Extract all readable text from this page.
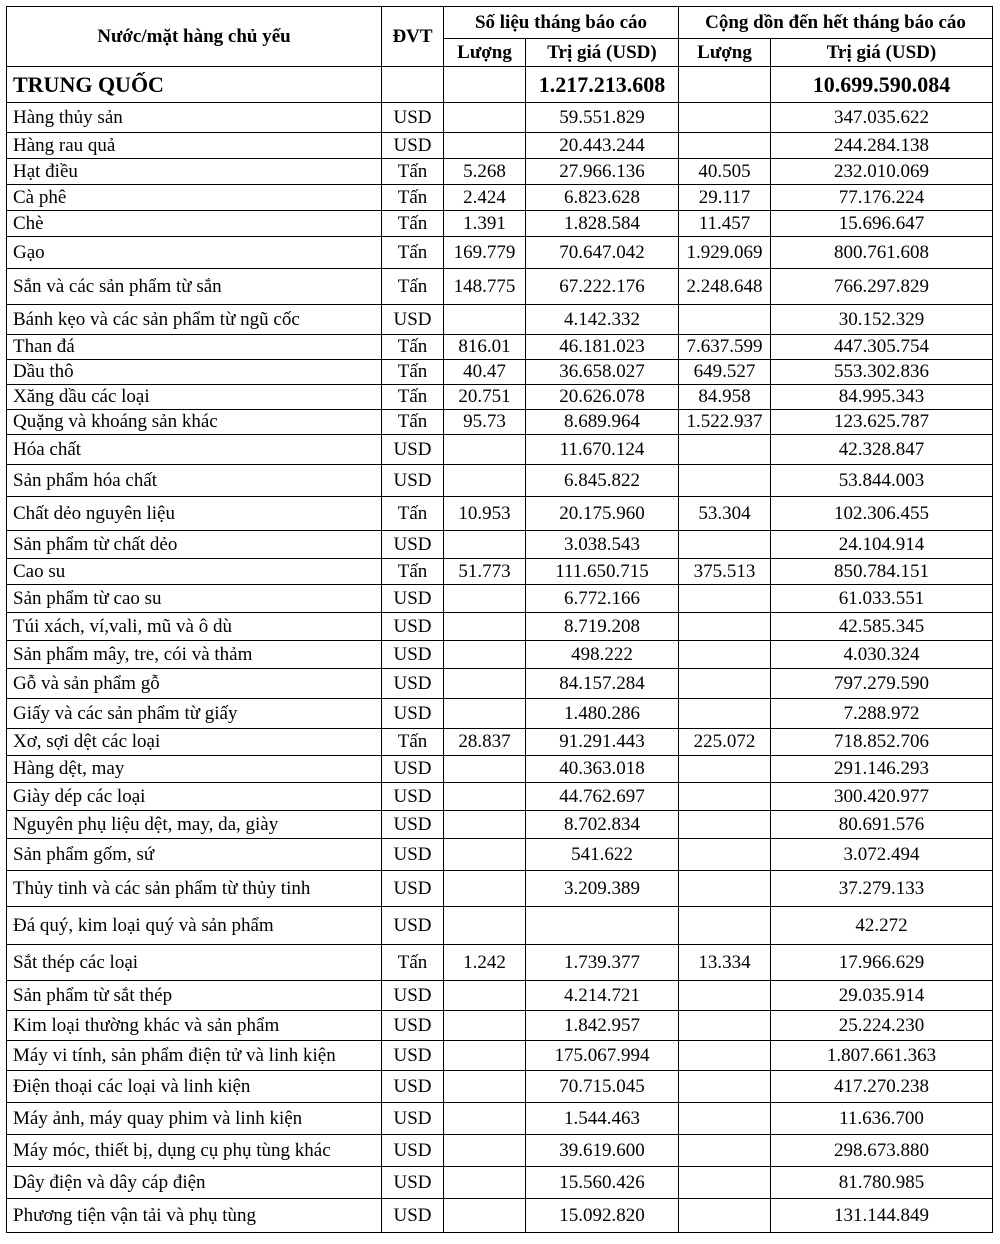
Nước/mặt hàng chủ yếu	ĐVT	Số liệu tháng báo cáo		Cộng dồn đến hết tháng báo cáo	
		Lượng	Trị giá (USD)	Lượng	Trị giá (USD)
TRUNG QUỐC			1.217.213.608		10.699.590.084
Hàng thủy sản	USD		59.551.829		347.035.622
Hàng rau quả	USD		20.443.244		244.284.138
Hạt điều	Tấn	5.268	27.966.136	40.505	232.010.069
Cà phê	Tấn	2.424	6.823.628	29.117	77.176.224
Chè	Tấn	1.391	1.828.584	11.457	15.696.647
Gạo	Tấn	169.779	70.647.042	1.929.069	800.761.608
Sắn và các sản phẩm từ sắn	Tấn	148.775	67.222.176	2.248.648	766.297.829
Bánh kẹo và các sản phẩm từ ngũ cốc	USD		4.142.332		30.152.329
Than đá	Tấn	816.01	46.181.023	7.637.599	447.305.754
Dầu thô	Tấn	40.47	36.658.027	649.527	553.302.836
Xăng dầu các loại	Tấn	20.751	20.626.078	84.958	84.995.343
Quặng và khoáng sản khác	Tấn	95.73	8.689.964	1.522.937	123.625.787
Hóa chất	USD		11.670.124		42.328.847
Sản phẩm hóa chất	USD		6.845.822		53.844.003
Chất dẻo nguyên liệu	Tấn	10.953	20.175.960	53.304	102.306.455
Sản phẩm từ chất dẻo	USD		3.038.543		24.104.914
Cao su	Tấn	51.773	111.650.715	375.513	850.784.151
Sản phẩm từ cao su	USD		6.772.166		61.033.551
Túi xách, ví,vali, mũ và ô dù	USD		8.719.208		42.585.345
Sản phẩm mây, tre, cói và thảm	USD		498.222		4.030.324
Gỗ và sản phẩm gỗ	USD		84.157.284		797.279.590
Giấy và các sản phẩm từ giấy	USD		1.480.286		7.288.972
Xơ, sợi dệt các loại	Tấn	28.837	91.291.443	225.072	718.852.706
Hàng dệt, may	USD		40.363.018		291.146.293
Giày dép các loại	USD		44.762.697		300.420.977
Nguyên phụ liệu dệt, may, da, giày	USD		8.702.834		80.691.576
Sản phẩm gốm, sứ	USD		541.622		3.072.494
Thủy tinh và các sản phẩm từ thủy tinh	USD		3.209.389		37.279.133
Đá quý, kim loại quý và sản phẩm	USD				42.272
Sắt thép các loại	Tấn	1.242	1.739.377	13.334	17.966.629
Sản phẩm từ sắt thép	USD		4.214.721		29.035.914
Kim loại thường khác và sản phẩm	USD		1.842.957		25.224.230
Máy vi tính, sản phẩm điện tử và linh kiện	USD		175.067.994		1.807.661.363
Điện thoại các loại và linh kiện	USD		70.715.045		417.270.238
Máy ảnh, máy quay phim và linh kiện	USD		1.544.463		11.636.700
Máy móc, thiết bị, dụng cụ phụ tùng khác	USD		39.619.600		298.673.880
Dây điện và dây cáp điện	USD		15.560.426		81.780.985
Phương tiện vận tải và phụ tùng	USD		15.092.820		131.144.849
